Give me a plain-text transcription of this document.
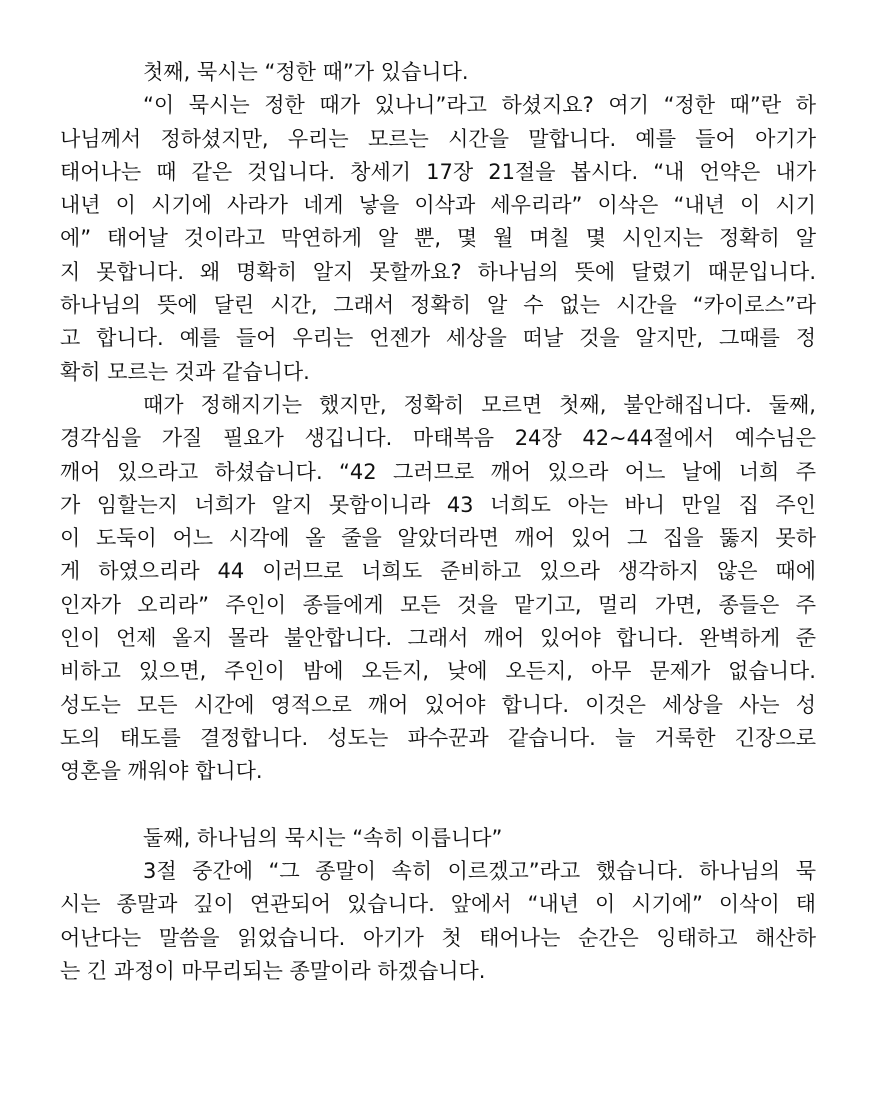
첫째, 묵시는 “정한 때”가 있습니다.
“이 묵시는 정한 때가 있나니”라고 하셨지요? 여기 “정한 때”란 하
나님께서 정하셨지만, 우리는 모르는 시간을 말합니다. 예를 들어 아기가
태어나는 때 같은 것입니다. 창세기 17장 21절을 봅시다. “내 언약은 내가
내년 이 시기에 사라가 네게 낳을 이삭과 세우리라” 이삭은 “내년 이 시기
에” 태어날 것이라고 막연하게 알 뿐, 몇 월 며칠 몇 시인지는 정확히 알
지 못합니다. 왜 명확히 알지 못할까요? 하나님의 뜻에 달렸기 때문입니다.
하나님의 뜻에 달린 시간, 그래서 정확히 알 수 없는 시간을 “카이로스”라
고 합니다. 예를 들어 우리는 언젠가 세상을 떠날 것을 알지만, 그때를 정
확히 모르는 것과 같습니다.
때가 정해지기는 했지만, 정확히 모르면 첫째, 불안해집니다. 둘째,
경각심을 가질 필요가 생깁니다. 마태복음 24장 42~44절에서 예수님은
깨어 있으라고 하셨습니다. “42 그러므로 깨어 있으라 어느 날에 너희 주
가 임할는지 너희가 알지 못함이니라 43 너희도 아는 바니 만일 집 주인
이 도둑이 어느 시각에 올 줄을 알았더라면 깨어 있어 그 집을 뚫지 못하
게 하였으리라 44 이러므로 너희도 준비하고 있으라 생각하지 않은 때에
인자가 오리라” 주인이 종들에게 모든 것을 맡기고, 멀리 가면, 종들은 주
인이 언제 올지 몰라 불안합니다. 그래서 깨어 있어야 합니다. 완벽하게 준
비하고 있으면, 주인이 밤에 오든지, 낮에 오든지, 아무 문제가 없습니다.
성도는 모든 시간에 영적으로 깨어 있어야 합니다. 이것은 세상을 사는 성
도의 태도를 결정합니다. 성도는 파수꾼과 같습니다. 늘 거룩한 긴장으로
영혼을 깨워야 합니다.
둘째, 하나님의 묵시는 “속히 이릅니다”
3절 중간에 “그 종말이 속히 이르겠고”라고 했습니다. 하나님의 묵
시는 종말과 깊이 연관되어 있습니다. 앞에서 “내년 이 시기에” 이삭이 태
어난다는 말씀을 읽었습니다. 아기가 첫 태어나는 순간은 잉태하고 해산하
는 긴 과정이 마무리되는 종말이라 하겠습니다.
